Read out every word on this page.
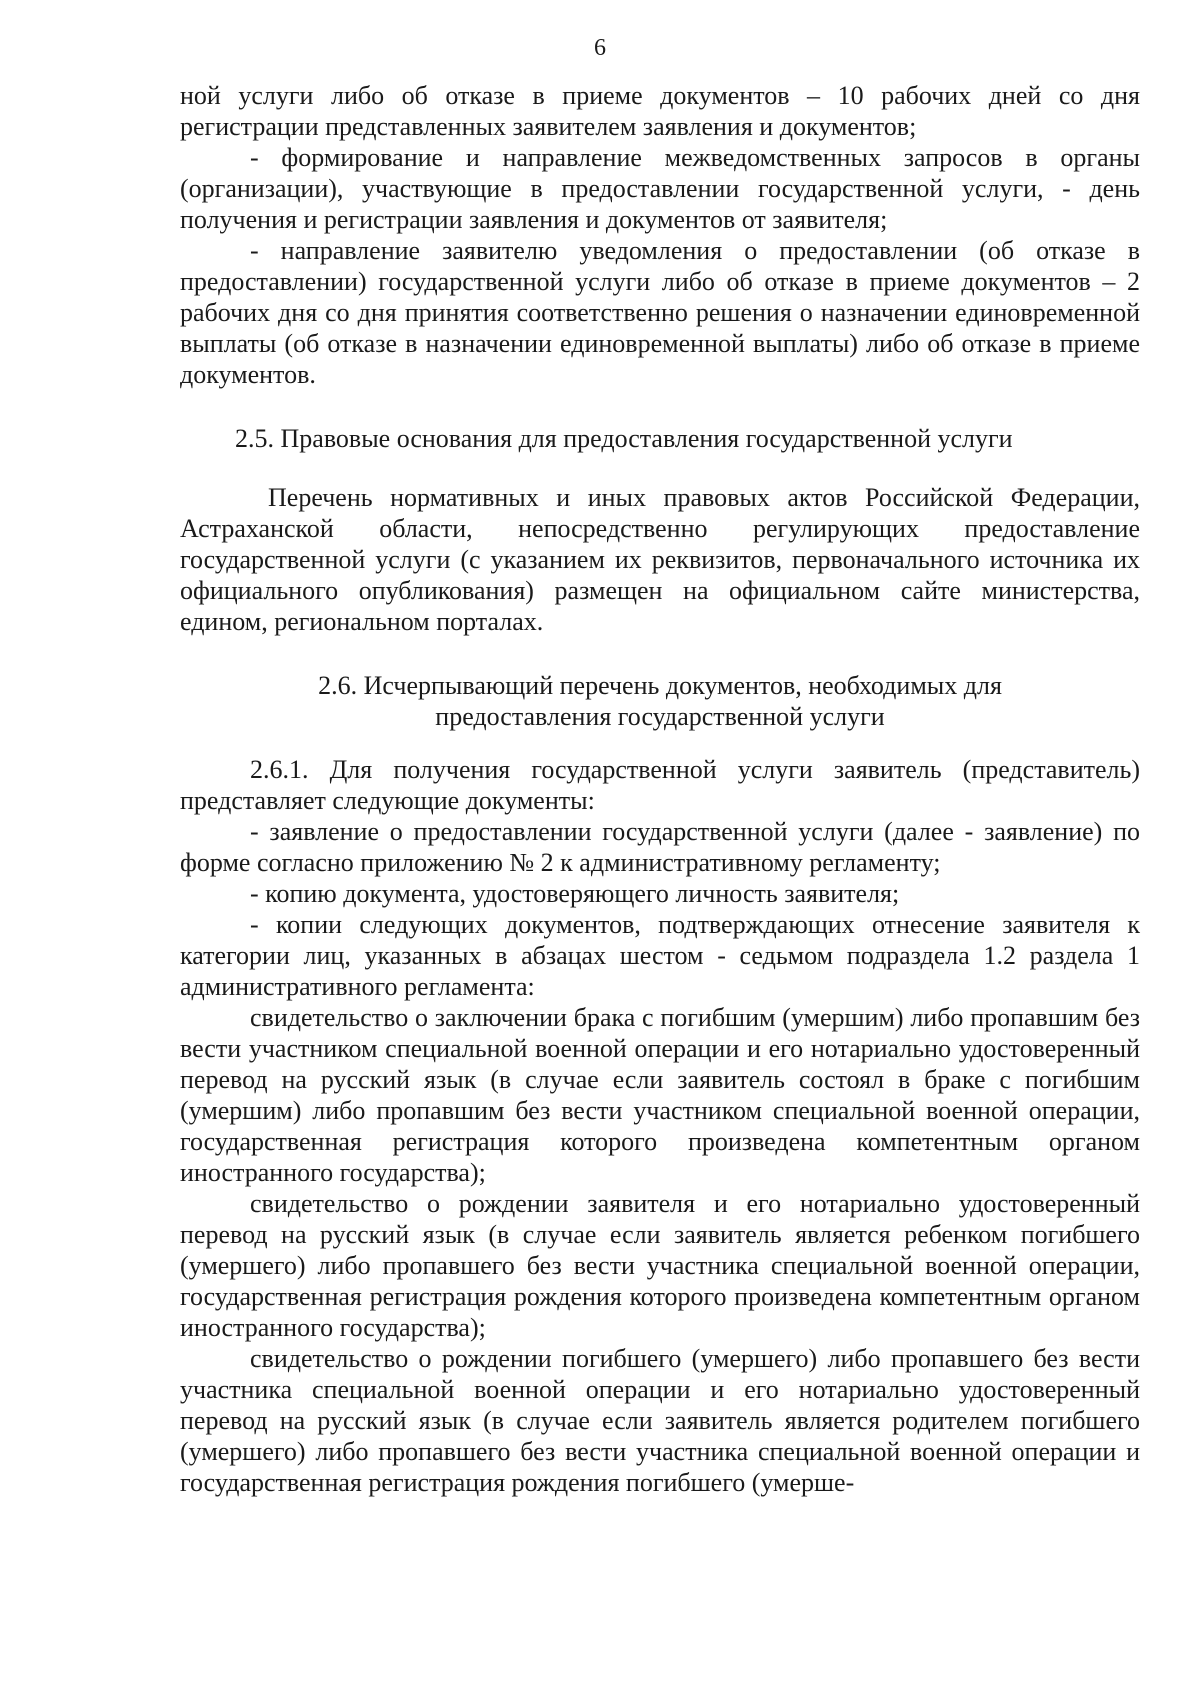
6

ной услуги либо об отказе в приеме документов – 10 рабочих дней со дня регистрации представленных заявителем заявления и документов;

- формирование и направление межведомственных запросов в органы (организации), участвующие в предоставлении государственной услуги, - день получения и регистрации заявления и документов от заявителя;

- направление заявителю уведомления о предоставлении (об отказе в предоставлении) государственной услуги либо об отказе в приеме документов – 2 рабочих дня со дня принятия соответственно решения о назначении единовременной выплаты (об отказе в назначении единовременной выплаты) либо об отказе в приеме документов.

2.5. Правовые основания для предоставления государственной услуги

Перечень нормативных и иных правовых актов Российской Федерации, Астраханской области, непосредственно регулирующих предоставление государственной услуги (с указанием их реквизитов, первоначального источника их официального опубликования) размещен на официальном сайте министерства, едином, региональном порталах.

2.6. Исчерпывающий перечень документов, необходимых для

предоставления государственной услуги

2.6.1. Для получения государственной услуги заявитель (представитель) представляет следующие документы:

- заявление о предоставлении государственной услуги (далее - заявление) по форме согласно приложению № 2 к административному регламенту;

- копию документа, удостоверяющего личность заявителя;

- копии следующих документов, подтверждающих отнесение заявителя к категории лиц, указанных в абзацах шестом - седьмом подраздела 1.2 раздела 1 административного регламента:

свидетельство о заключении брака с погибшим (умершим) либо пропавшим без вести участником специальной военной операции и его нотариально удостоверенный перевод на русский язык (в случае если заявитель состоял в браке с погибшим (умершим) либо пропавшим без вести участником специальной военной операции, государственная регистрация которого произведена компетентным органом иностранного государства);

свидетельство о рождении заявителя и его нотариально удостоверенный перевод на русский язык (в случае если заявитель является ребенком погибшего (умершего) либо пропавшего без вести участника специальной военной операции, государственная регистрация рождения которого произведена компетентным органом иностранного государства);

свидетельство о рождении погибшего (умершего) либо пропавшего без вести участника специальной военной операции и его нотариально удостоверенный перевод на русский язык (в случае если заявитель является родителем погибшего (умершего) либо пропавшего без вести участника специальной военной операции и государственная регистрация рождения погибшего (умерше-
